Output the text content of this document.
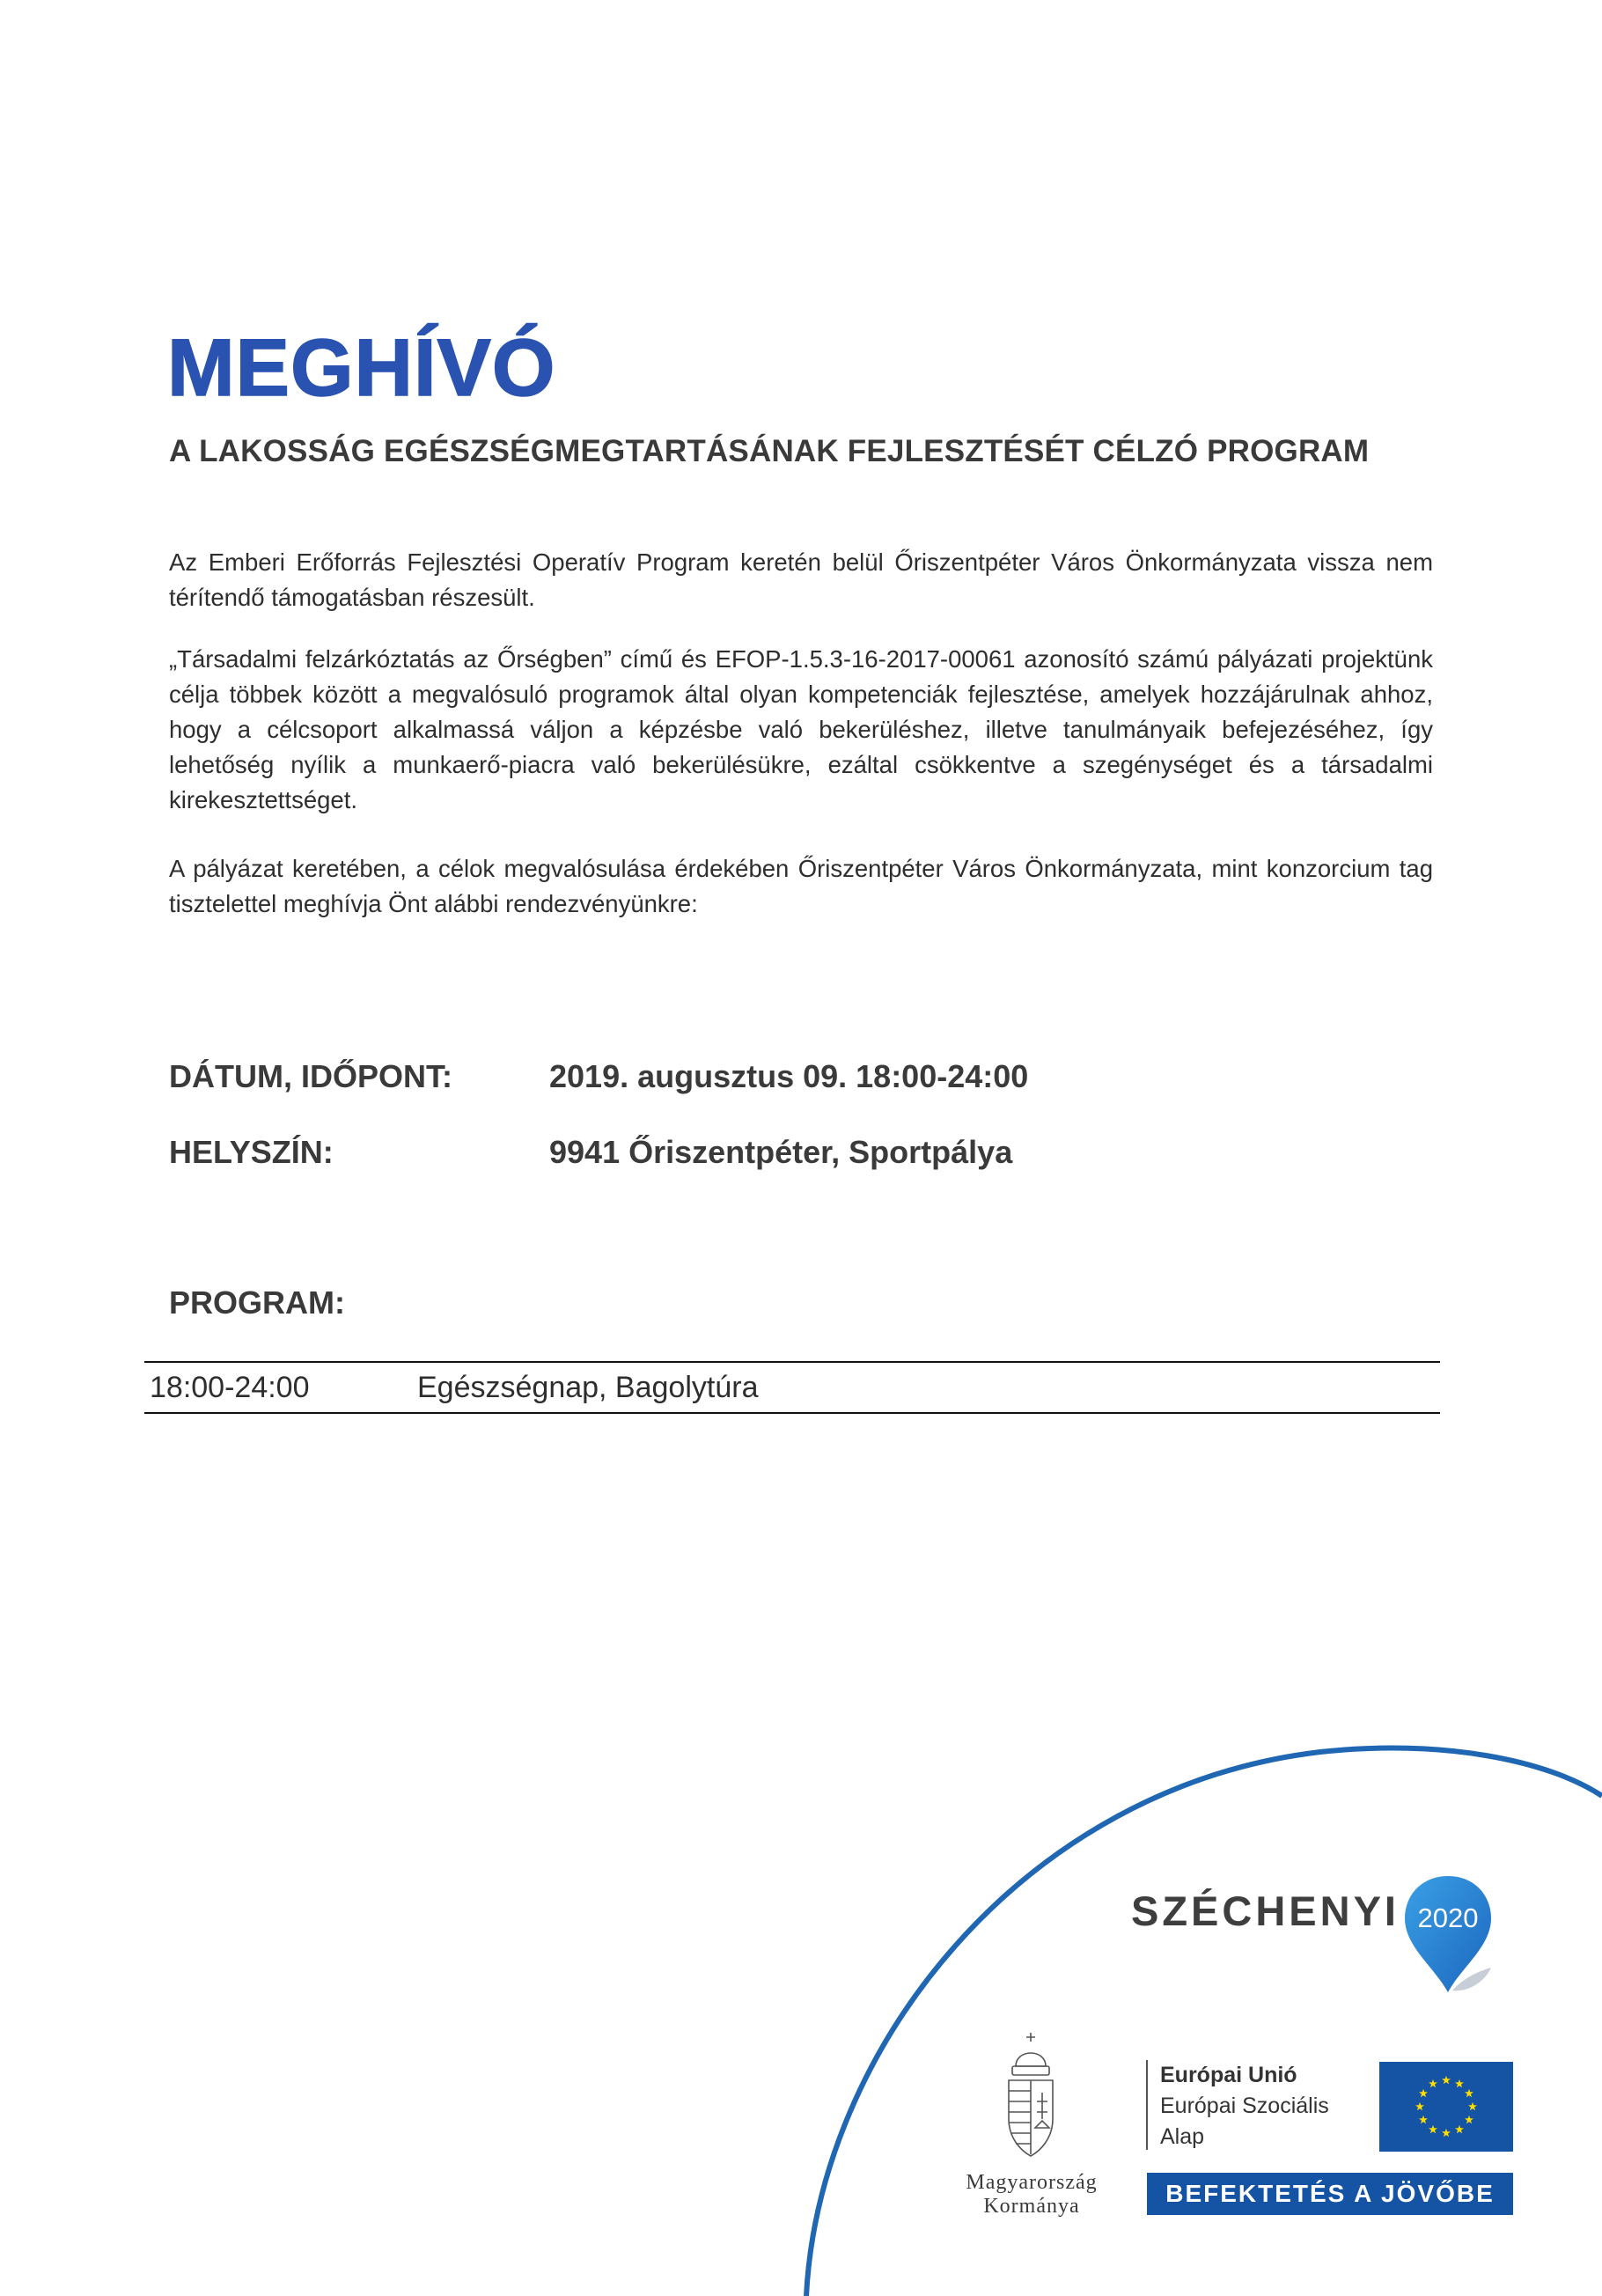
MEGHÍVÓ
A LAKOSSÁG EGÉSZSÉGMEGTARTÁSÁNAK FEJLESZTÉSÉT CÉLZÓ PROGRAM

Az Emberi Erőforrás Fejlesztési Operatív Program keretén belül Őriszentpéter Város Önkormányzata vissza nem térítendő támogatásban részesült.

„Társadalmi felzárkóztatás az Őrségben” című és EFOP-1.5.3-16-2017-00061 azonosító számú pályázati projektünk célja többek között a megvalósuló programok által olyan kompetenciák fejlesztése, amelyek hozzájárulnak ahhoz, hogy a célcsoport alkalmassá váljon a képzésbe való bekerüléshez, illetve tanulmányaik befejezéséhez, így lehetőség nyílik a munkaerő-piacra való bekerülésükre, ezáltal csökkentve a szegénységet és a társadalmi kirekesztettséget.

A pályázat keretében, a célok megvalósulása érdekében Őriszentpéter Város Önkormányzata, mint konzorcium tag tisztelettel meghívja Önt alábbi rendezvényünkre:

DÁTUM, IDŐPONT:	2019. augusztus 09. 18:00-24:00
HELYSZÍN:	9941 Őriszentpéter, Sportpálya
PROGRAM:
18:00-24:00	Egészségnap, Bagolytúra
SZÉCHENYI 2020
Magyarország
Kormánya
Európai Unió
Európai Szociális
Alap
BEFEKTETÉS A JÖVŐBE
